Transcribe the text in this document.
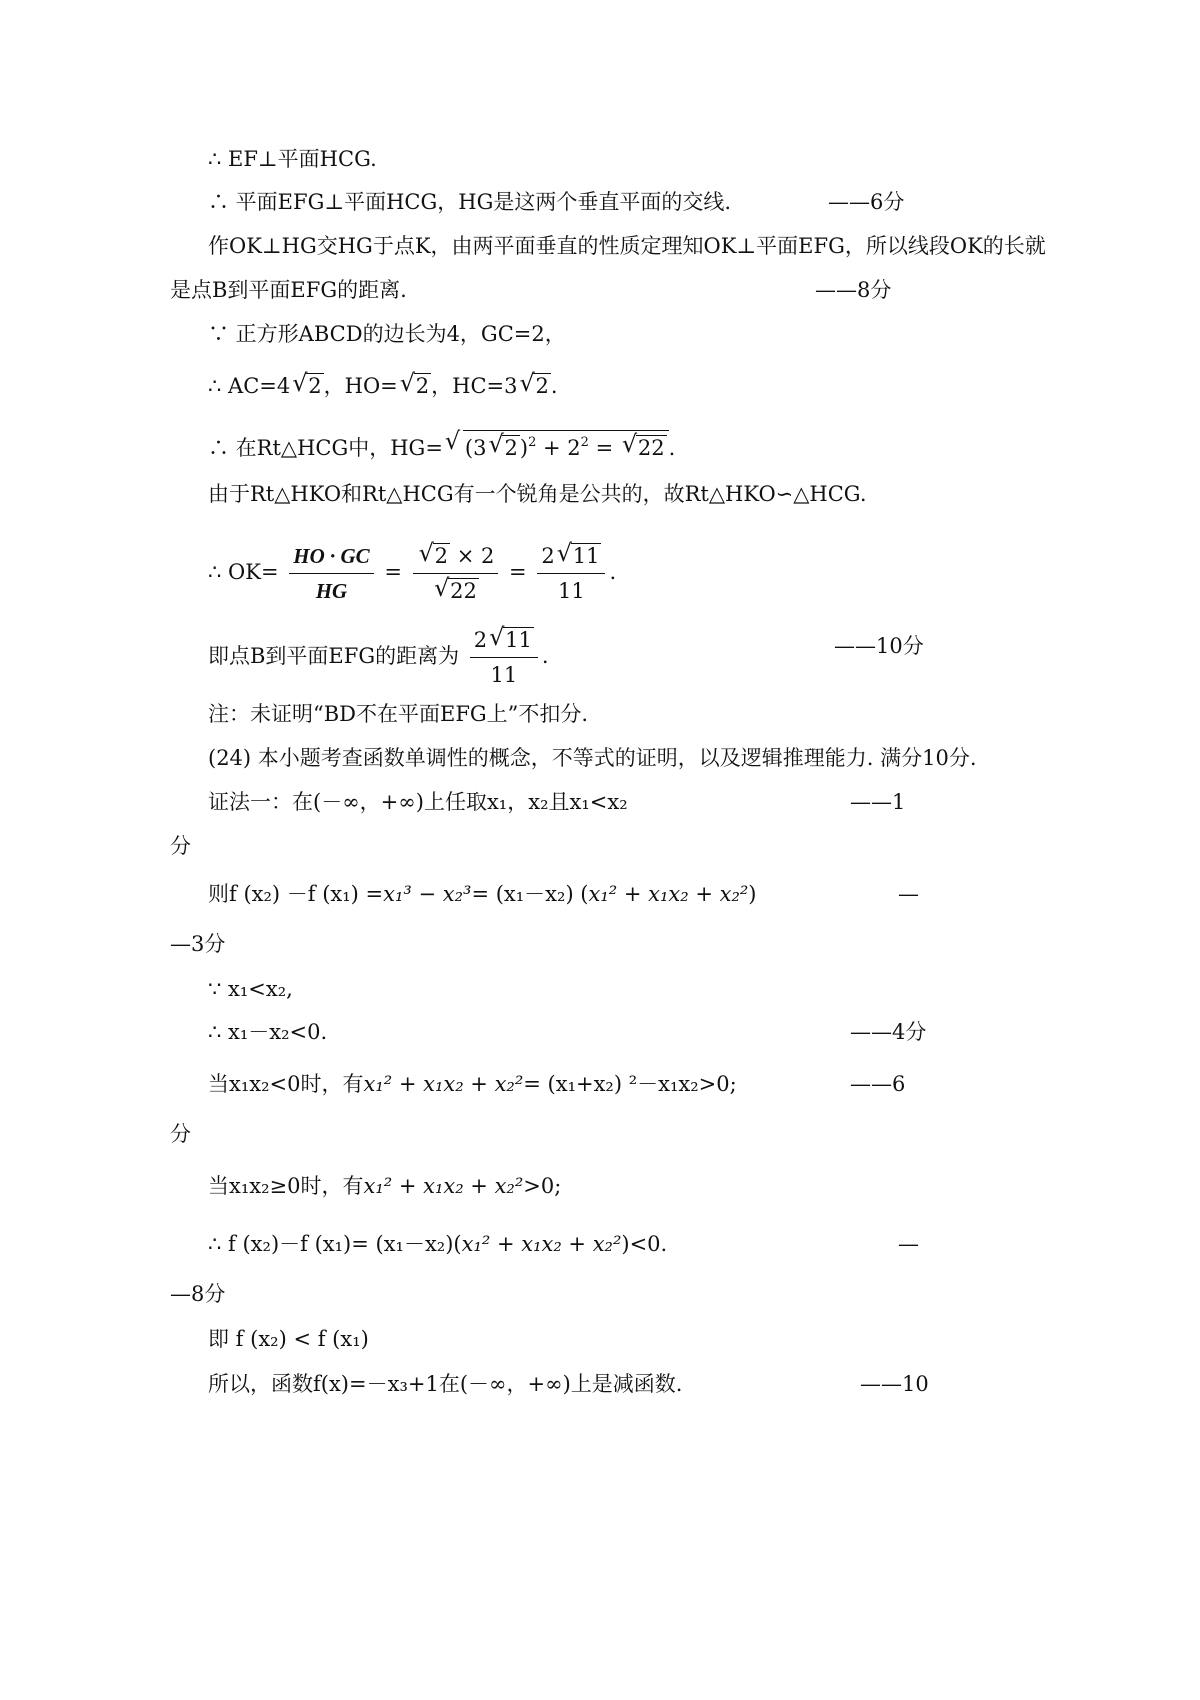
∴ EF⊥平面HCG.
∴ 平面EFG⊥平面HCG，HG是这两个垂直平面的交线.	——6分
作OK⊥HG交HG于点K，由两平面垂直的性质定理知OK⊥平面EFG，所以线段OK的长就
是点B到平面EFG的距离.	——8分
∵ 正方形ABCD的边长为4，GC=2，
∴ AC=4 √ 2，HO= √ 2，HC=3 √ 2.
∴ 在Rt△HCG中，HG= √ (3 √ $2)^2 + 2^2$ = √ 22 .
由于Rt△HKO和Rt△HCG有一个锐角是公共的，故Rt△HKO∽△HCG.
∴ $OK= \frac{HO \cdot GC}{HG}$ = √ 2 × 2
√ $22 = \frac{2 √ 11}{11}$ .
即点B到平面EFG的距离为 $\frac{2 √ 11}{11}$ .	——10分
注：未证明“BD不在平面EFG上”不扣分.
(24) 本小题考查函数单调性的概念，不等式的证明，以及逻辑推理能力. 满分10分.
证法一：在(－∞，+∞)上任取x₁，x₂且x₁<x₂	——1
分
则f (x₂) －f (x₁) =x₁³ − x₂³= (x₁－x₂) (x₁² + x₁x₂ + x₂²)	—
—3分
∵ x₁<x₂,
∴ x₁－x₂<0.	——4分
当x₁x₂<0时，有x₁² + x₁x₂ + x₂²= (x₁+x₂) ²－x₁x₂>0;	——6
分
当x₁x₂≥0时，有x₁² + x₁x₂ + x₂²>0;
∴ f (x₂)－f (x₁)= (x₁－x₂)(x₁² + x₁x₂ + x₂²)<0.	—
—8分
即 f (x₂) < f (x₁)
所以，函数f(x)=－x₃+1在(－∞，+∞)上是减函数.	——10
